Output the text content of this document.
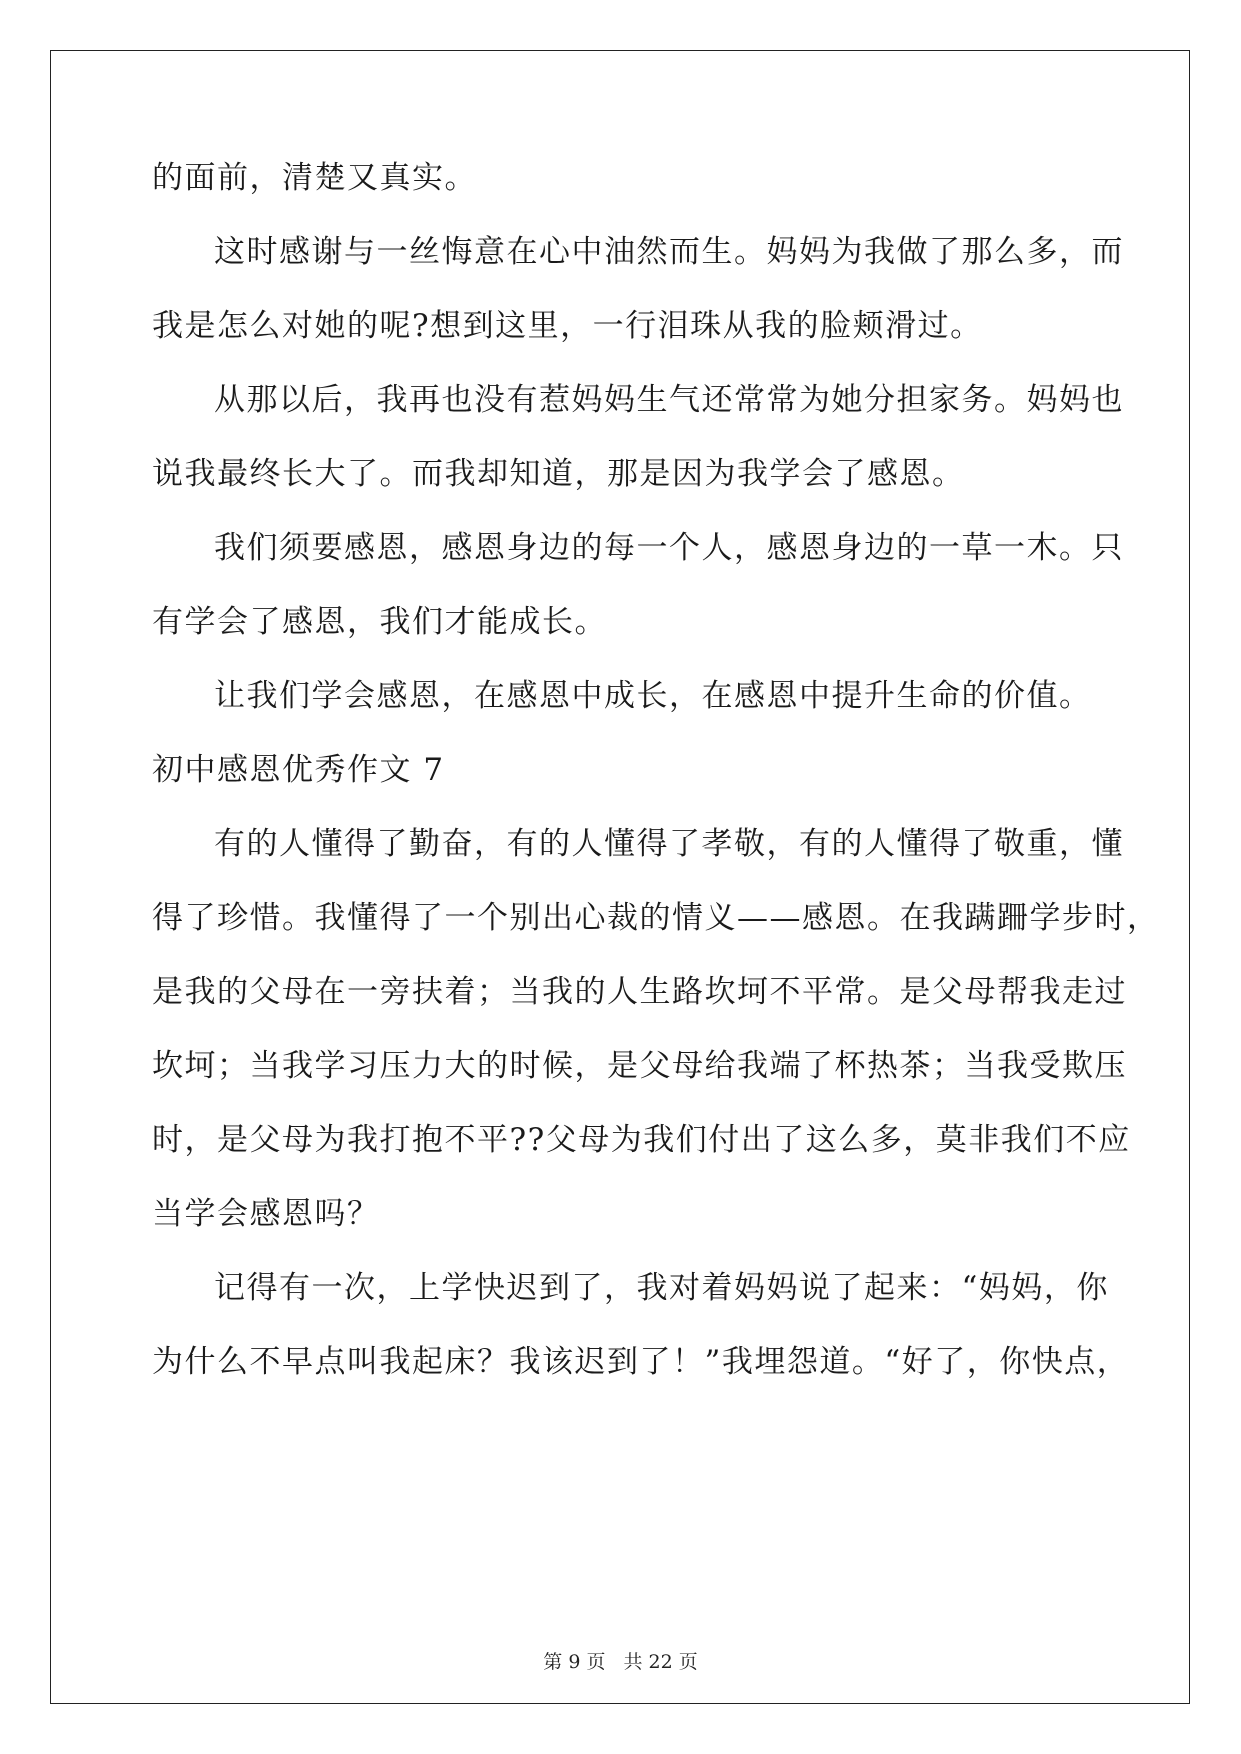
的面前，清楚又真实。
这时感谢与一丝悔意在心中油然而生。妈妈为我做了那么多，而
我是怎么对她的呢?想到这里，一行泪珠从我的脸颊滑过。
从那以后，我再也没有惹妈妈生气还常常为她分担家务。妈妈也
说我最终长大了。而我却知道，那是因为我学会了感恩。
我们须要感恩，感恩身边的每一个人，感恩身边的一草一木。只
有学会了感恩，我们才能成长。
让我们学会感恩，在感恩中成长，在感恩中提升生命的价值。
初中感恩优秀作文 7
有的人懂得了勤奋，有的人懂得了孝敬，有的人懂得了敬重，懂
得了珍惜。我懂得了一个别出心裁的情义——感恩。在我蹒跚学步时，
是我的父母在一旁扶着；当我的人生路坎坷不平常。是父母帮我走过
坎坷；当我学习压力大的时候，是父母给我端了杯热茶；当我受欺压
时，是父母为我打抱不平??父母为我们付出了这么多，莫非我们不应
当学会感恩吗？
记得有一次，上学快迟到了，我对着妈妈说了起来：“妈妈，你
为什么不早点叫我起床？我该迟到了！”我埋怨道。“好了，你快点，
第 9 页 共 22 页
